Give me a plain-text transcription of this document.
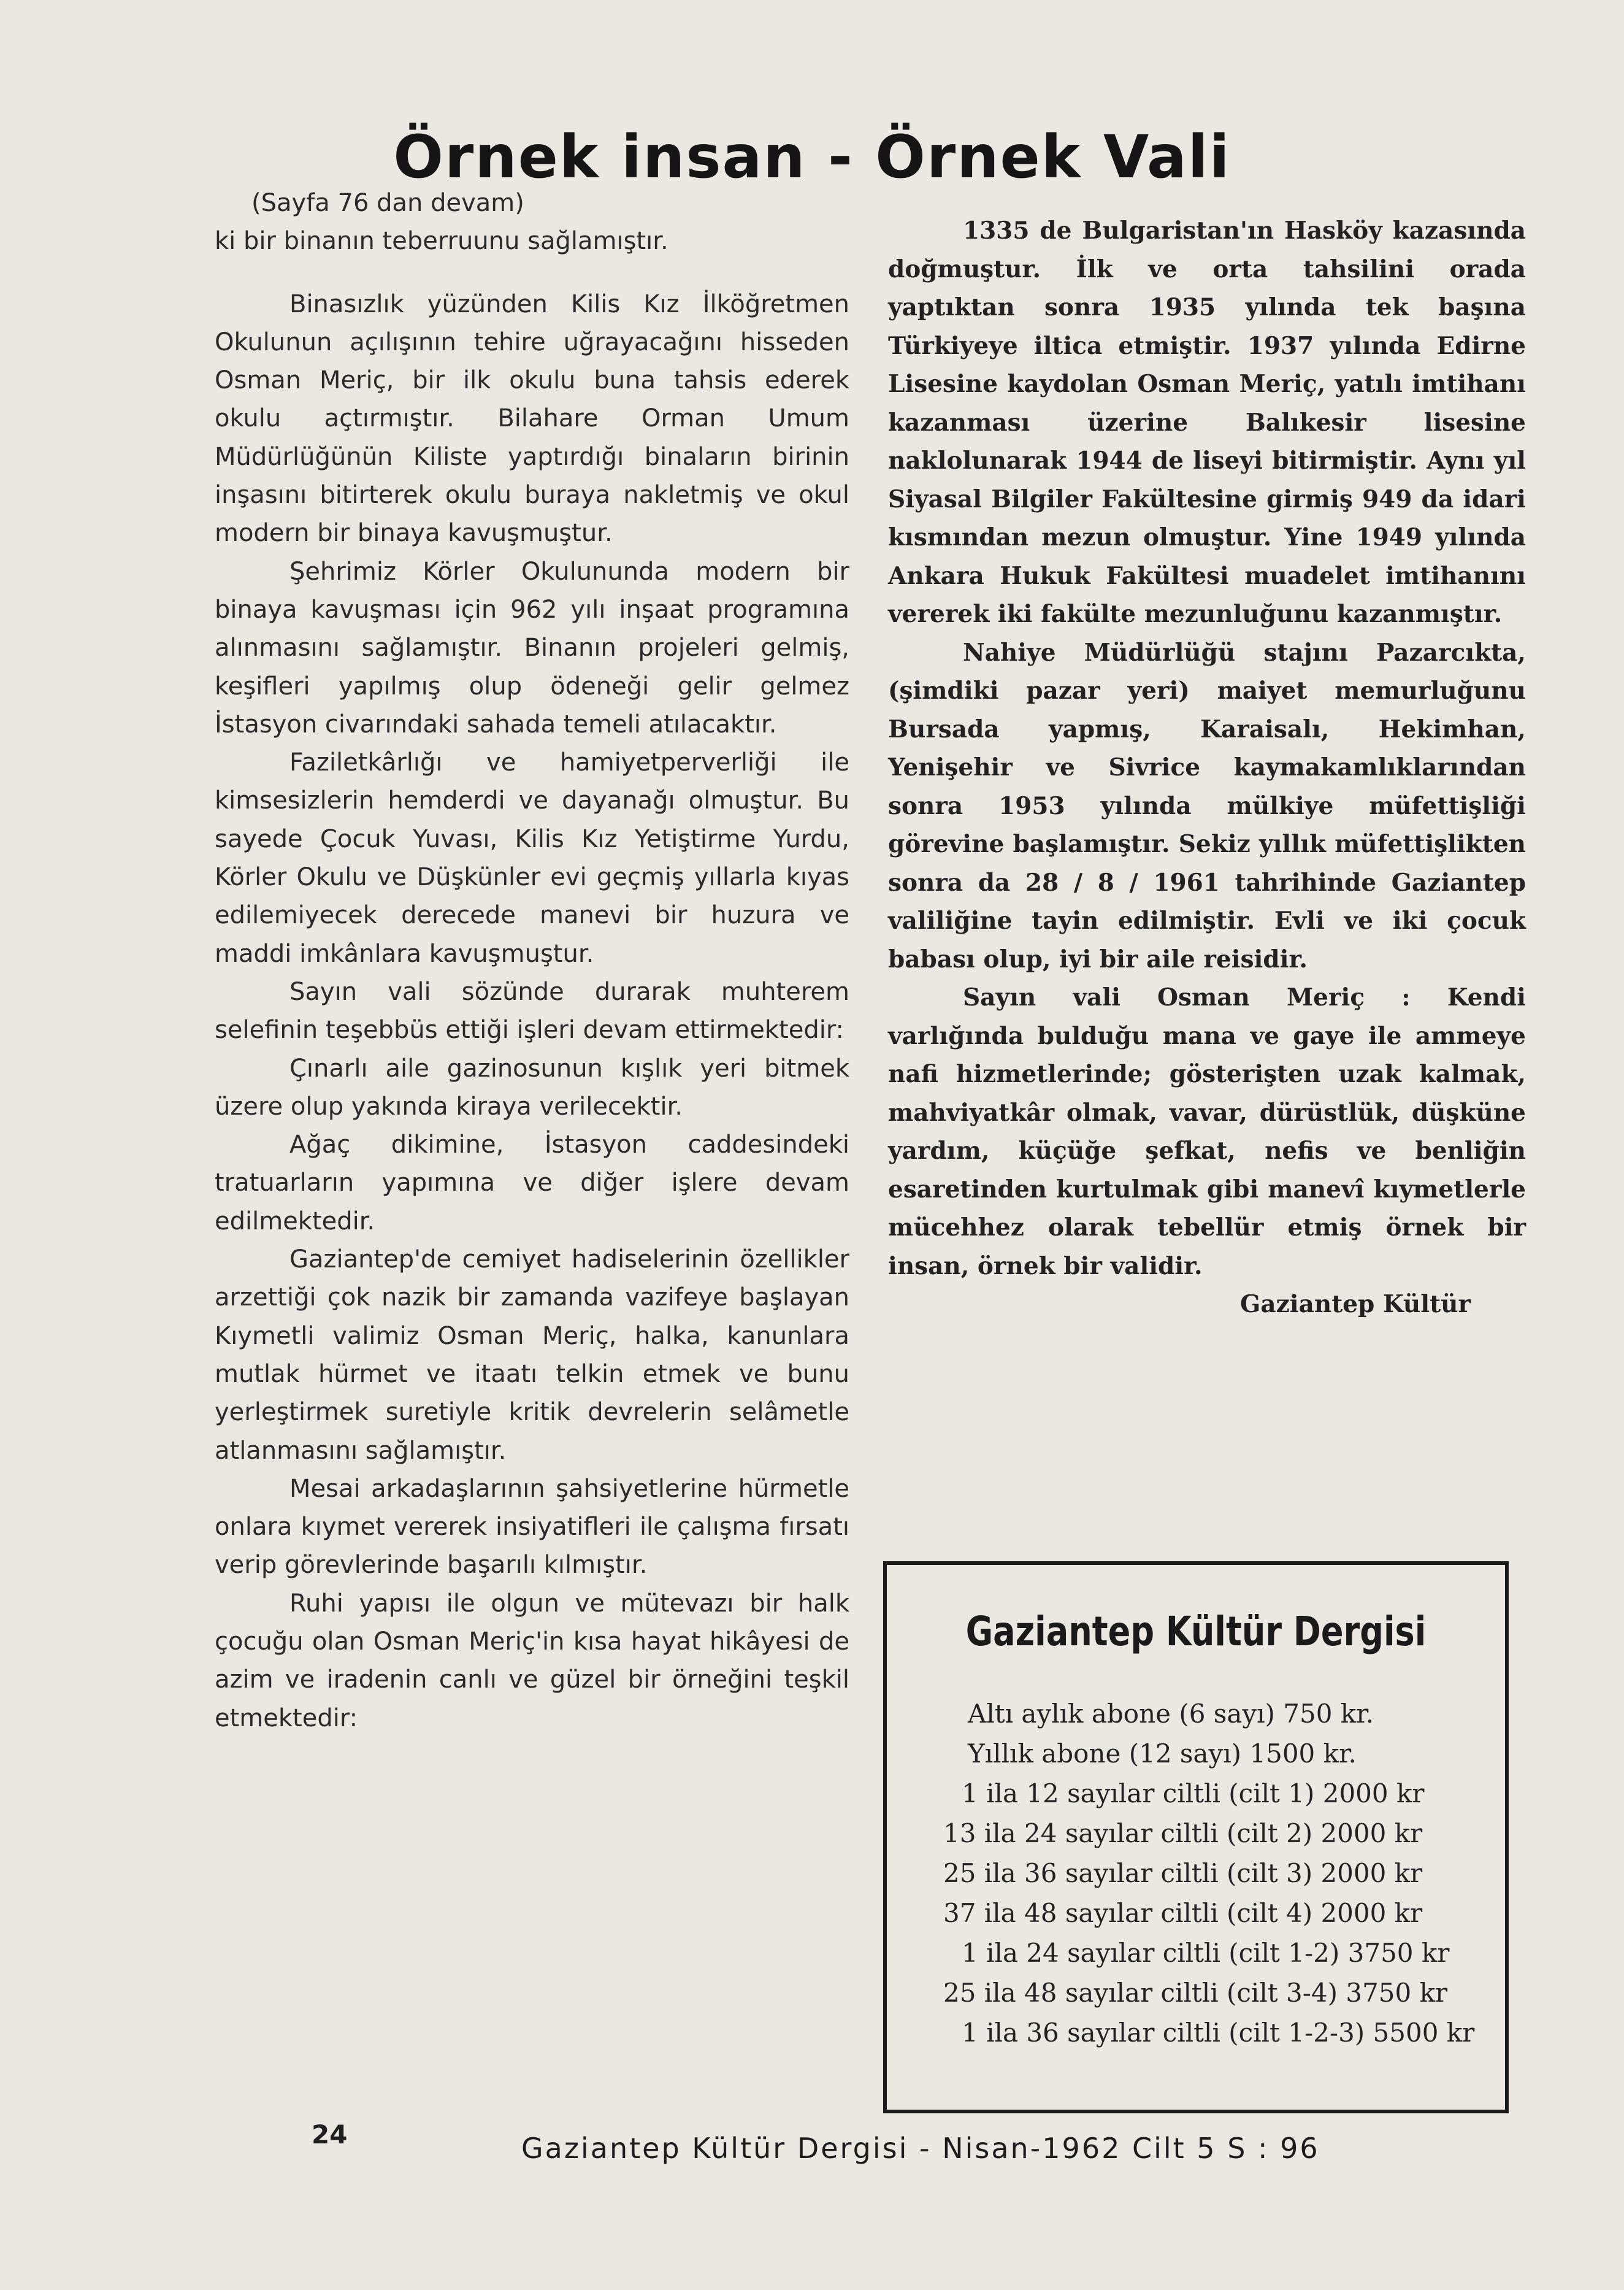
Örnek insan - Örnek Vali

(Sayfa 76 dan devam)

ki bir binanın teberruunu sağlamıştır.

Binasızlık yüzünden Kilis Kız İlköğretmen Okulunun açılışının tehire uğrayacağını hisseden Osman Meriç, bir ilk okulu buna tahsis ederek okulu açtırmıştır. Bilahare Orman Umum Müdürlüğünün Kiliste yaptırdığı binaların birinin inşasını bitirterek okulu buraya nakletmiş ve okul modern bir binaya kavuşmuştur.

Şehrimiz Körler Okulununda modern bir binaya kavuşması için 962 yılı inşaat programına alınmasını sağlamıştır. Binanın projeleri gelmiş, keşifleri yapılmış olup ödeneği gelir gelmez İstasyon civarındaki sahada temeli atılacaktır.

Faziletkârlığı ve hamiyetperverliği ile kimsesizlerin hemderdi ve dayanağı olmuştur. Bu sayede Çocuk Yuvası, Kilis Kız Yetiştirme Yurdu, Körler Okulu ve Düşkünler evi geçmiş yıllarla kıyas edilemiyecek derecede manevi bir huzura ve maddi imkânlara kavuşmuştur.

Sayın vali sözünde durarak muhterem selefinin teşebbüs ettiği işleri devam ettirmektedir:

Çınarlı aile gazinosunun kışlık yeri bitmek üzere olup yakında kiraya verilecektir.

Ağaç dikimine, İstasyon caddesindeki tratuarların yapımına ve diğer işlere devam edilmektedir.

Gaziantep'de cemiyet hadiselerinin özellikler arzettiği çok nazik bir zamanda vazifeye başlayan Kıymetli valimiz Osman Meriç, halka, kanunlara mutlak hürmet ve itaatı telkin etmek ve bunu yerleştirmek suretiyle kritik devrelerin selâmetle atlanmasını sağlamıştır.

Mesai arkadaşlarının şahsiyetlerine hürmetle onlara kıymet vererek insiyatifleri ile çalışma fırsatı verip görevlerinde başarılı kılmıştır.

Ruhi yapısı ile olgun ve mütevazı bir halk çocuğu olan Osman Meriç'in kısa hayat hikâyesi de azim ve iradenin canlı ve güzel bir örneğini teşkil etmektedir:

1335 de Bulgaristan'ın Hasköy kazasında doğmuştur. İlk ve orta tahsilini orada yaptıktan sonra 1935 yılında tek başına Türkiyeye iltica etmiştir. 1937 yılında Edirne Lisesine kaydolan Osman Meriç, yatılı imtihanı kazanması üzerine Balıkesir lisesine naklolunarak 1944 de liseyi bitirmiştir. Aynı yıl Siyasal Bilgiler Fakültesine girmiş 949 da idari kısmından mezun olmuştur. Yine 1949 yılında Ankara Hukuk Fakültesi muadelet imtihanını vererek iki fakülte mezunluğunu kazanmıştır.

Nahiye Müdürlüğü stajını Pazarcıkta, (şimdiki pazar yeri) maiyet memurluğunu Bursada yapmış, Karaisalı, Hekimhan, Yenişehir ve Sivrice kaymakamlıklarından sonra 1953 yılında mülkiye müfettişliği görevine başlamıştır. Sekiz yıllık müfettişlikten sonra da 28 / 8 / 1961 tahrihinde Gaziantep valiliğine tayin edilmiştir. Evli ve iki çocuk babası olup, iyi bir aile reisidir.

Sayın vali Osman Meriç : Kendi varlığında bulduğu mana ve gaye ile ammeye nafi hizmetlerinde; gösterişten uzak kalmak, mahviyatkâr olmak, vavar, dürüstlük, düşküne yardım, küçüğe şefkat, nefis ve benliğin esaretinden kurtulmak gibi manevî kıymetlerle mücehhez olarak tebellür etmiş örnek bir insan, örnek bir validir.

Gaziantep Kültür

Gaziantep Kültür Dergisi
Altı aylık abone (6 sayı) 750 kr.
Yıllık abone (12 sayı) 1500 kr.
1 ila 12 sayılar ciltli (cilt 1) 2000 kr
13 ila 24 sayılar ciltli (cilt 2) 2000 kr
25 ila 36 sayılar ciltli (cilt 3) 2000 kr
37 ila 48 sayılar ciltli (cilt 4) 2000 kr
1 ila 24 sayılar ciltli (cilt 1-2) 3750 kr
25 ila 48 sayılar ciltli (cilt 3-4) 3750 kr
1 ila 36 sayılar ciltli (cilt 1-2-3) 5500 kr
24	Gaziantep Kültür Dergisi - Nisan-1962 Cilt 5 S : 96
